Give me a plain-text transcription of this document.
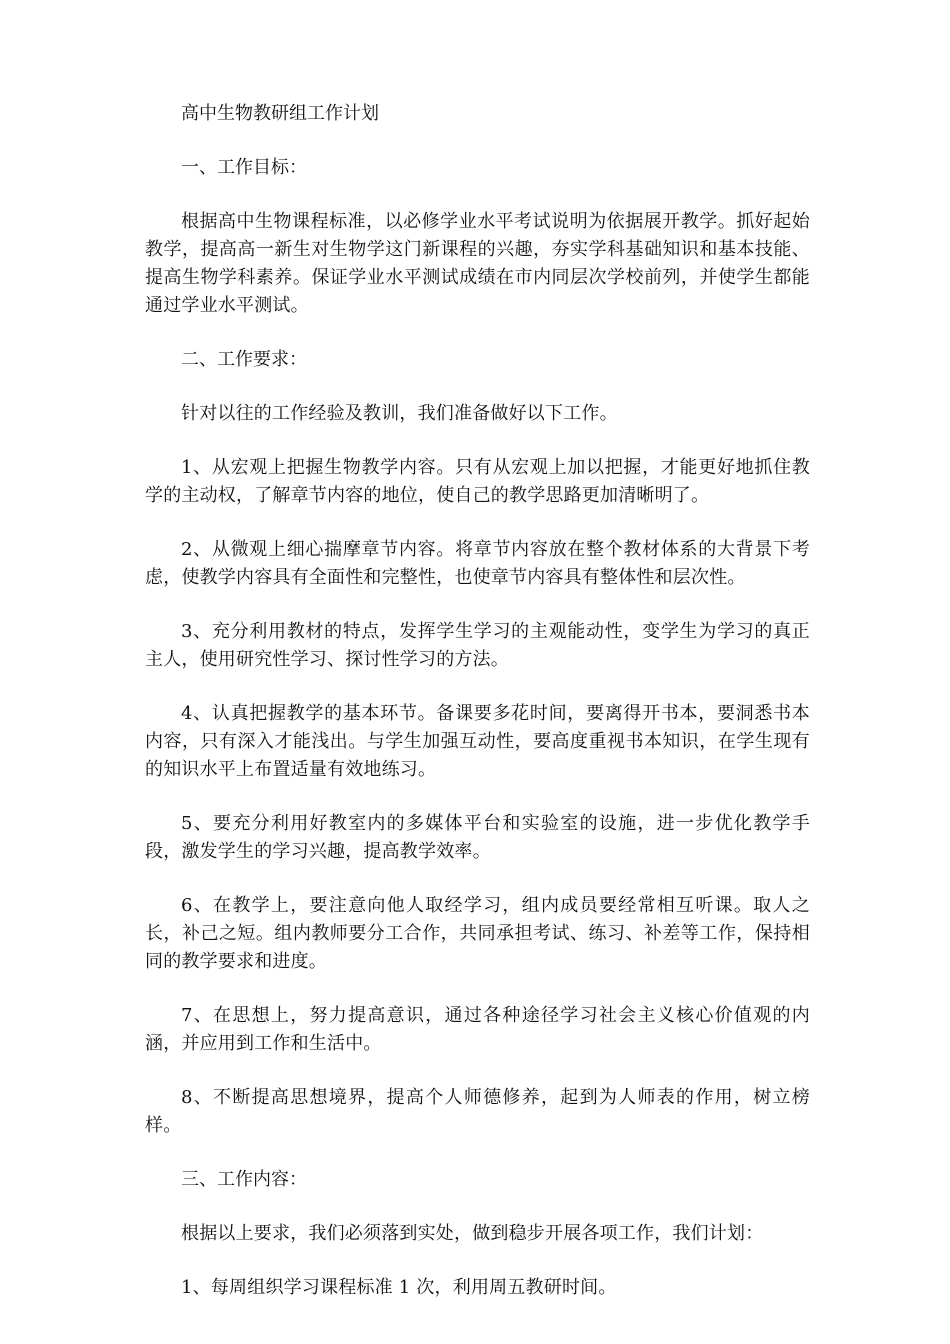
高中生物教研组工作计划

一、工作目标：

根据高中生物课程标准，以必修学业水平考试说明为依据展开教学。抓好起始教学，提高高一新生对生物学这门新课程的兴趣，夯实学科基础知识和基本技能、提高生物学科素养。保证学业水平测试成绩在市内同层次学校前列，并使学生都能通过学业水平测试。

二、工作要求：

针对以往的工作经验及教训，我们准备做好以下工作。

1、从宏观上把握生物教学内容。只有从宏观上加以把握，才能更好地抓住教学的主动权，了解章节内容的地位，使自己的教学思路更加清晰明了。

2、从微观上细心揣摩章节内容。将章节内容放在整个教材体系的大背景下考虑，使教学内容具有全面性和完整性，也使章节内容具有整体性和层次性。

3、充分利用教材的特点，发挥学生学习的主观能动性，变学生为学习的真正主人，使用研究性学习、探讨性学习的方法。

4、认真把握教学的基本环节。备课要多花时间，要离得开书本，要洞悉书本内容，只有深入才能浅出。与学生加强互动性，要高度重视书本知识，在学生现有的知识水平上布置适量有效地练习。

5、要充分利用好教室内的多媒体平台和实验室的设施，进一步优化教学手段，激发学生的学习兴趣，提高教学效率。

6、在教学上，要注意向他人取经学习，组内成员要经常相互听课。取人之长，补己之短。组内教师要分工合作，共同承担考试、练习、补差等工作，保持相同的教学要求和进度。

7、在思想上，努力提高意识，通过各种途径学习社会主义核心价值观的内涵，并应用到工作和生活中。

8、不断提高思想境界，提高个人师德修养，起到为人师表的作用，树立榜样。

三、工作内容：

根据以上要求，我们必须落到实处，做到稳步开展各项工作，我们计划：

1、每周组织学习课程标准 1 次，利用周五教研时间。
